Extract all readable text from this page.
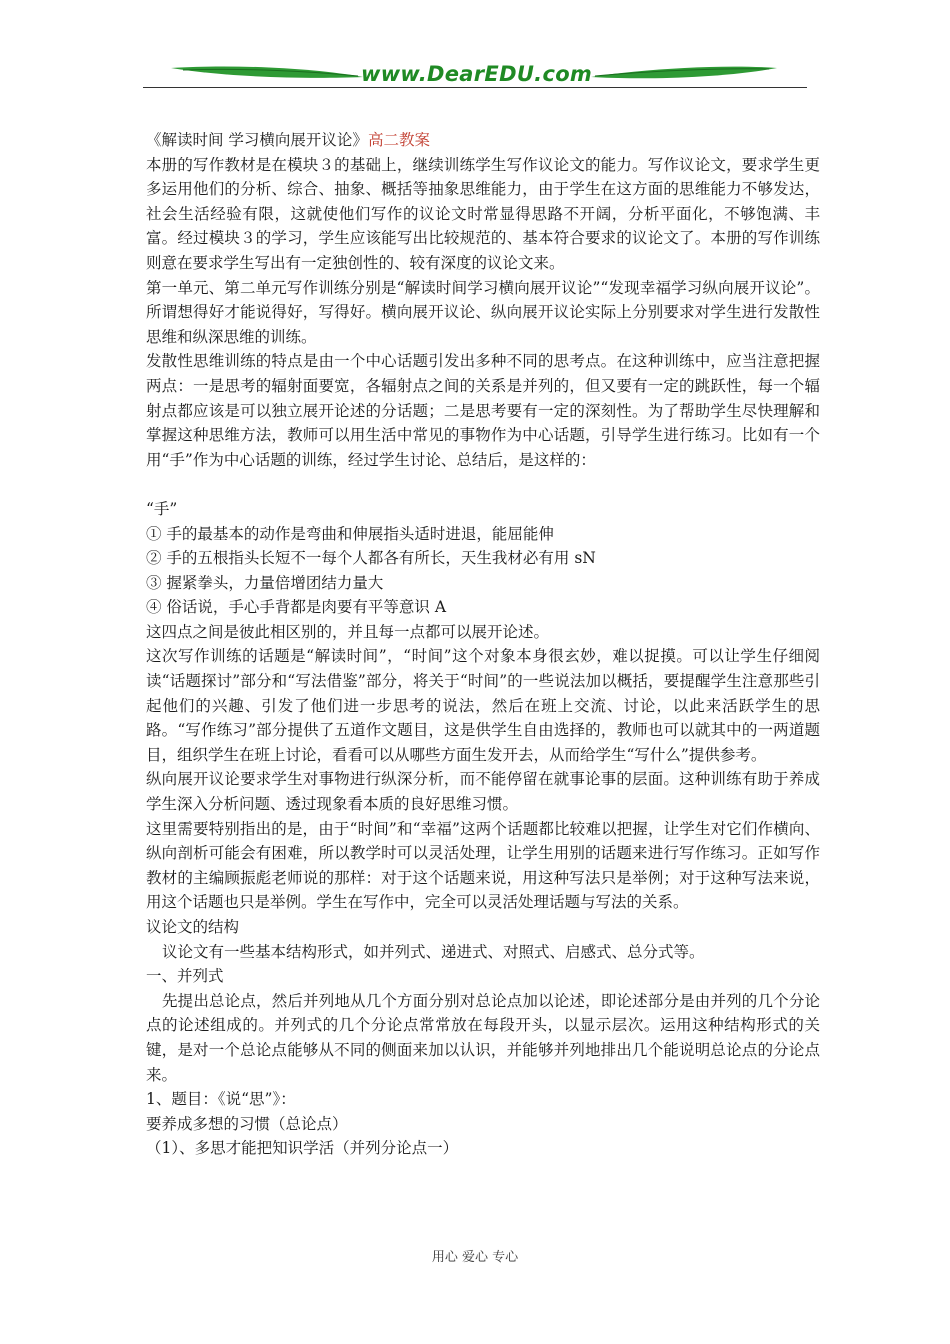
www.DearEDU.com

《解读时间 学习横向展开议论》高二教案

本册的写作教材是在模块３的基础上，继续训练学生写作议论文的能力。写作议论文，要求学生更多运用他们的分析、综合、抽象、概括等抽象思维能力，由于学生在这方面的思维能力不够发达，社会生活经验有限，这就使他们写作的议论文时常显得思路不开阔，分析平面化，不够饱满、丰富。经过模块３的学习，学生应该能写出比较规范的、基本符合要求的议论文了。本册的写作训练则意在要求学生写出有一定独创性的、较有深度的议论文来。

第一单元、第二单元写作训练分别是“解读时间学习横向展开议论”“发现幸福学习纵向展开议论”。所谓想得好才能说得好，写得好。横向展开议论、纵向展开议论实际上分别要求对学生进行发散性思维和纵深思维的训练。

发散性思维训练的特点是由一个中心话题引发出多种不同的思考点。在这种训练中，应当注意把握两点：一是思考的辐射面要宽，各辐射点之间的关系是并列的，但又要有一定的跳跃性，每一个辐射点都应该是可以独立展开论述的分话题；二是思考要有一定的深刻性。为了帮助学生尽快理解和掌握这种思维方法，教师可以用生活中常见的事物作为中心话题，引导学生进行练习。比如有一个用“手”作为中心话题的训练，经过学生讨论、总结后，是这样的：

“手”

① 手的最基本的动作是弯曲和伸展指头适时进退，能屈能伸

② 手的五根指头长短不一每个人都各有所长，天生我材必有用 sN

③ 握紧拳头，力量倍增团结力量大

④ 俗话说，手心手背都是肉要有平等意识 A

这四点之间是彼此相区别的，并且每一点都可以展开论述。

这次写作训练的话题是“解读时间”，“时间”这个对象本身很玄妙，难以捉摸。可以让学生仔细阅读“话题探讨”部分和“写法借鉴”部分，将关于“时间”的一些说法加以概括，要提醒学生注意那些引起他们的兴趣、引发了他们进一步思考的说法，然后在班上交流、讨论，以此来活跃学生的思路。“写作练习”部分提供了五道作文题目，这是供学生自由选择的，教师也可以就其中的一两道题目，组织学生在班上讨论，看看可以从哪些方面生发开去，从而给学生“写什么”提供参考。

纵向展开议论要求学生对事物进行纵深分析，而不能停留在就事论事的层面。这种训练有助于养成学生深入分析问题、透过现象看本质的良好思维习惯。

这里需要特别指出的是，由于“时间”和“幸福”这两个话题都比较难以把握，让学生对它们作横向、纵向剖析可能会有困难，所以教学时可以灵活处理，让学生用别的话题来进行写作练习。正如写作教材的主编顾振彪老师说的那样：对于这个话题来说，用这种写法只是举例；对于这种写法来说，用这个话题也只是举例。学生在写作中，完全可以灵活处理话题与写法的关系。

议论文的结构

议论文有一些基本结构形式，如并列式、递进式、对照式、启感式、总分式等。

一、并列式

先提出总论点，然后并列地从几个方面分别对总论点加以论述，即论述部分是由并列的几个分论点的论述组成的。并列式的几个分论点常常放在每段开头，以显示层次。运用这种结构形式的关键，是对一个总论点能够从不同的侧面来加以认识，并能够并列地排出几个能说明总论点的分论点来。

1、题目：《说“思”》：

要养成多想的习惯（总论点）

（1）、多思才能把知识学活（并列分论点一）

用心 爱心 专心
